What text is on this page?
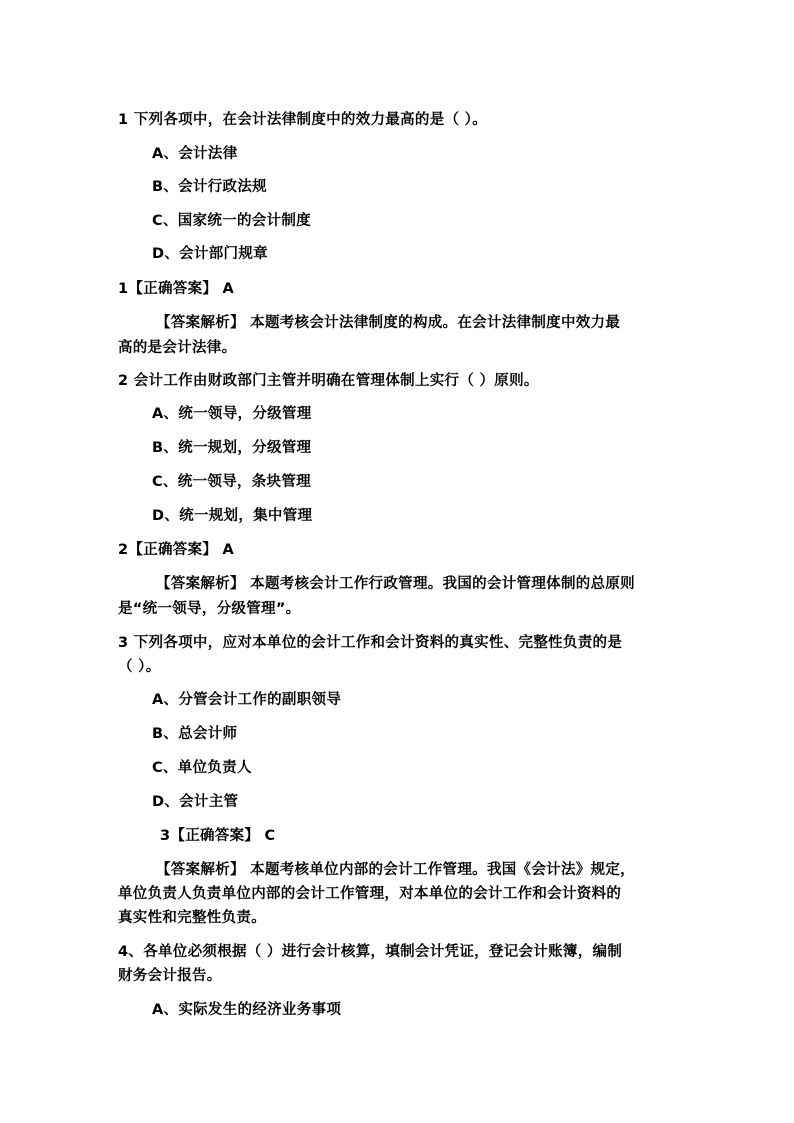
1 下列各项中，在会计法律制度中的效力最高的是（ ）。
A、会计法律
B、会计行政法规
C、国家统一的会计制度
D、会计部门规章
1【正确答案】 A
【答案解析】 本题考核会计法律制度的构成。在会计法律制度中效力最
高的是会计法律。
2 会计工作由财政部门主管并明确在管理体制上实行（ ）原则。
A、统一领导，分级管理
B、统一规划，分级管理
C、统一领导，条块管理
D、统一规划，集中管理
2【正确答案】 A
【答案解析】 本题考核会计工作行政管理。我国的会计管理体制的总原则
是“统一领导，分级管理”。
3 下列各项中，应对本单位的会计工作和会计资料的真实性、完整性负责的是
（ ）。
A、分管会计工作的副职领导
B、总会计师
C、单位负责人
D、会计主管
3【正确答案】 C
【答案解析】 本题考核单位内部的会计工作管理。我国《会计法》规定，
单位负责人负责单位内部的会计工作管理，对本单位的会计工作和会计资料的
真实性和完整性负责。
4、各单位必须根据（ ）进行会计核算，填制会计凭证，登记会计账簿，编制
财务会计报告。
A、实际发生的经济业务事项
